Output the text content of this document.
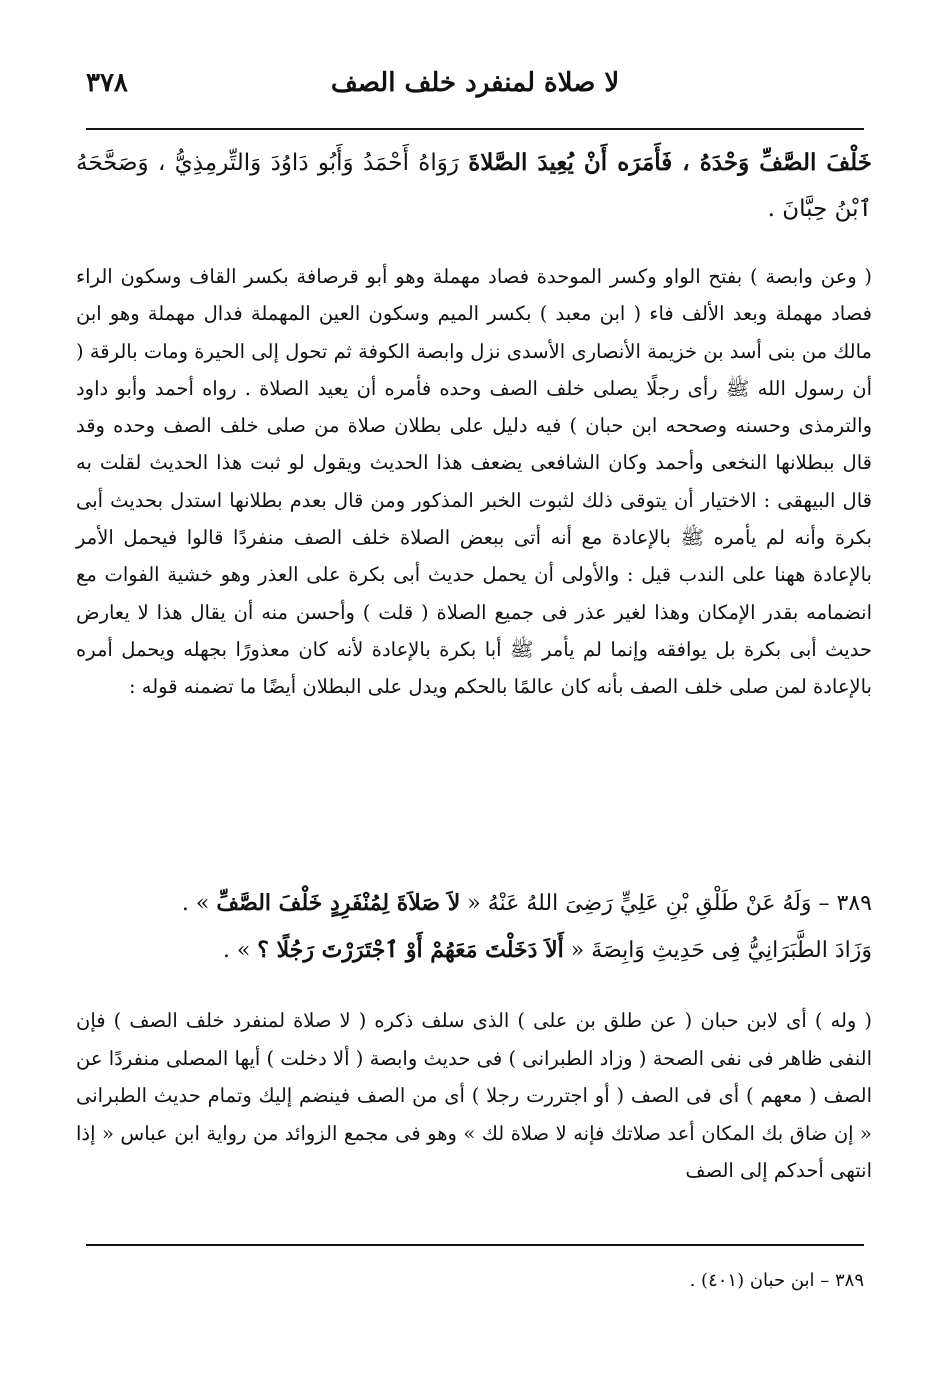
٣٧٨	لا صلاة لمنفرد خلف الصف

خَلْفَ الصَّفِّ وَحْدَهُ ، فَأَمَرَه أَنْ يُعِيدَ الصَّلاةَ رَوَاهُ أَحْمَدُ وَأَبُو دَاوُدَ وَالتِّرمِذِيُّ ، وَصَحَّحَهُ ٱبْنُ حِبَّانَ .

( وعن وابصة ) بفتح الواو وكسر الموحدة فصاد مهملة وهو أبو قرصافة بكسر القاف وسكون الراء فصاد مهملة وبعد الألف فاء ( ابن معبد ) بكسر الميم وسكون العين المهملة فدال مهملة وهو ابن مالك من بنى أسد بن خزيمة الأنصارى الأسدى نزل وابصة الكوفة ثم تحول إلى الحيرة ومات بالرقة ( أن رسول الله ﷺ رأى رجلًا يصلى خلف الصف وحده فأمره أن يعيد الصلاة . رواه أحمد وأبو داود والترمذى وحسنه وصححه ابن حبان ) فيه دليل على بطلان صلاة من صلى خلف الصف وحده وقد قال ببطلانها النخعى وأحمد وكان الشافعى يضعف هذا الحديث ويقول لو ثبت هذا الحديث لقلت به قال البيهقى : الاختيار أن يتوقى ذلك لثبوت الخبر المذكور ومن قال بعدم بطلانها استدل بحديث أبى بكرة وأنه لم يأمره ﷺ بالإعادة مع أنه أتى ببعض الصلاة خلف الصف منفردًا قالوا فيحمل الأمر بالإعادة ههنا على الندب قيل : والأولى أن يحمل حديث أبى بكرة على العذر وهو خشية الفوات مع انضمامه بقدر الإمكان وهذا لغير عذر فى جميع الصلاة ( قلت ) وأحسن منه أن يقال هذا لا يعارض حديث أبى بكرة بل يوافقه وإنما لم يأمر ﷺ أبا بكرة بالإعادة لأنه كان معذورًا بجهله ويحمل أمره بالإعادة لمن صلى خلف الصف بأنه كان عالمًا بالحكم ويدل على البطلان أيضًا ما تضمنه قوله :

٣٨٩ – وَلَهُ عَنْ طَلْقِ بْنِ عَلِيٍّ رَضِىَ اللهُ عَنْهُ « لاَ صَلاَةَ لِمُنْفَرِدٍ خَلْفَ الصَّفِّ » .

وَزَادَ الطَّبَرَانِيُّ فِى حَدِيثِ وَابِصَةَ « أَلاَ دَخَلْتَ مَعَهُمْ أَوْ ٱجْتَرَرْتَ رَجُلًا ؟ » .

( وله ) أى لابن حبان ( عن طلق بن على ) الذى سلف ذكره ( لا صلاة لمنفرد خلف الصف ) فإن النفى ظاهر فى نفى الصحة ( وزاد الطبرانى ) فى حديث وابصة ( ألا دخلت ) أيها المصلى منفردًا عن الصف ( معهم ) أى فى الصف ( أو اجتررت رجلا ) أى من الصف فينضم إليك وتمام حديث الطبرانى « إن ضاق بك المكان أعد صلاتك فإنه لا صلاة لك » وهو فى مجمع الزوائد من رواية ابن عباس « إذا انتهى أحدكم إلى الصف

٣٨٩ – ابن حبان (٤٠١) .
